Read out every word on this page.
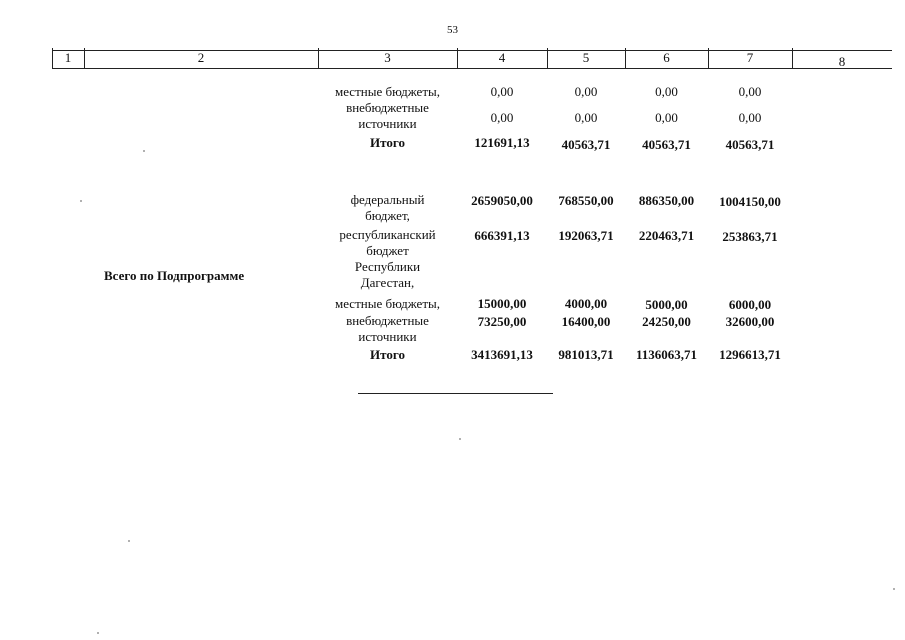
53
1	2	3	4	5	6	7	8
местные бюджеты,	0,00	0,00	0,00	0,00
внебюджетные
источники	0,00	0,00	0,00	0,00
Итого	121691,13	40563,71	40563,71	40563,71
Всего по Подпрограмме
федеральный
бюджет,
2659050,00	768550,00	886350,00	1004150,00
республиканский
бюджет
Республики
Дагестан,
666391,13	192063,71	220463,71	253863,71
местные бюджеты,	15000,00	4000,00	5000,00	6000,00
внебюджетные
источники
73250,00	16400,00	24250,00	32600,00
Итого	3413691,13	981013,71	1136063,71	1296613,71
